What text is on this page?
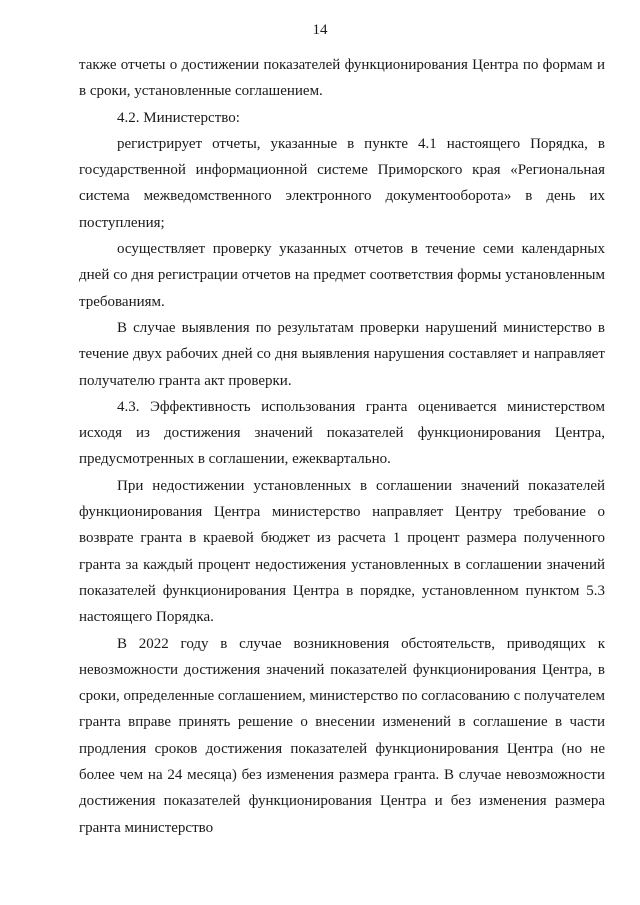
14

также отчеты о достижении показателей функционирования Центра по формам и в сроки, установленные соглашением.

4.2. Министерство:

регистрирует отчеты, указанные в пункте 4.1 настоящего Порядка, в государственной информационной системе Приморского края «Региональная система межведомственного электронного документооборота» в день их поступления;

осуществляет проверку указанных отчетов в течение семи календарных дней со дня регистрации отчетов на предмет соответствия формы установленным требованиям.

В случае выявления по результатам проверки нарушений министерство в течение двух рабочих дней со дня выявления нарушения составляет и направляет получателю гранта акт проверки.

4.3. Эффективность использования гранта оценивается министерством исходя из достижения значений показателей функционирования Центра, предусмотренных в соглашении, ежеквартально.

При недостижении установленных в соглашении значений показателей функционирования Центра министерство направляет Центру требование о возврате гранта в краевой бюджет из расчета 1 процент размера полученного гранта за каждый процент недостижения установленных в соглашении значений показателей функционирования Центра в порядке, установленном пунктом 5.3 настоящего Порядка.

В 2022 году в случае возникновения обстоятельств, приводящих к невозможности достижения значений показателей функционирования Центра, в сроки, определенные соглашением, министерство по согласованию с получателем гранта вправе принять решение о внесении изменений в соглашение в части продления сроков достижения показателей функционирования Центра (но не более чем на 24 месяца) без изменения размера гранта. В случае невозможности достижения показателей функционирования Центра и без изменения размера гранта министерство
